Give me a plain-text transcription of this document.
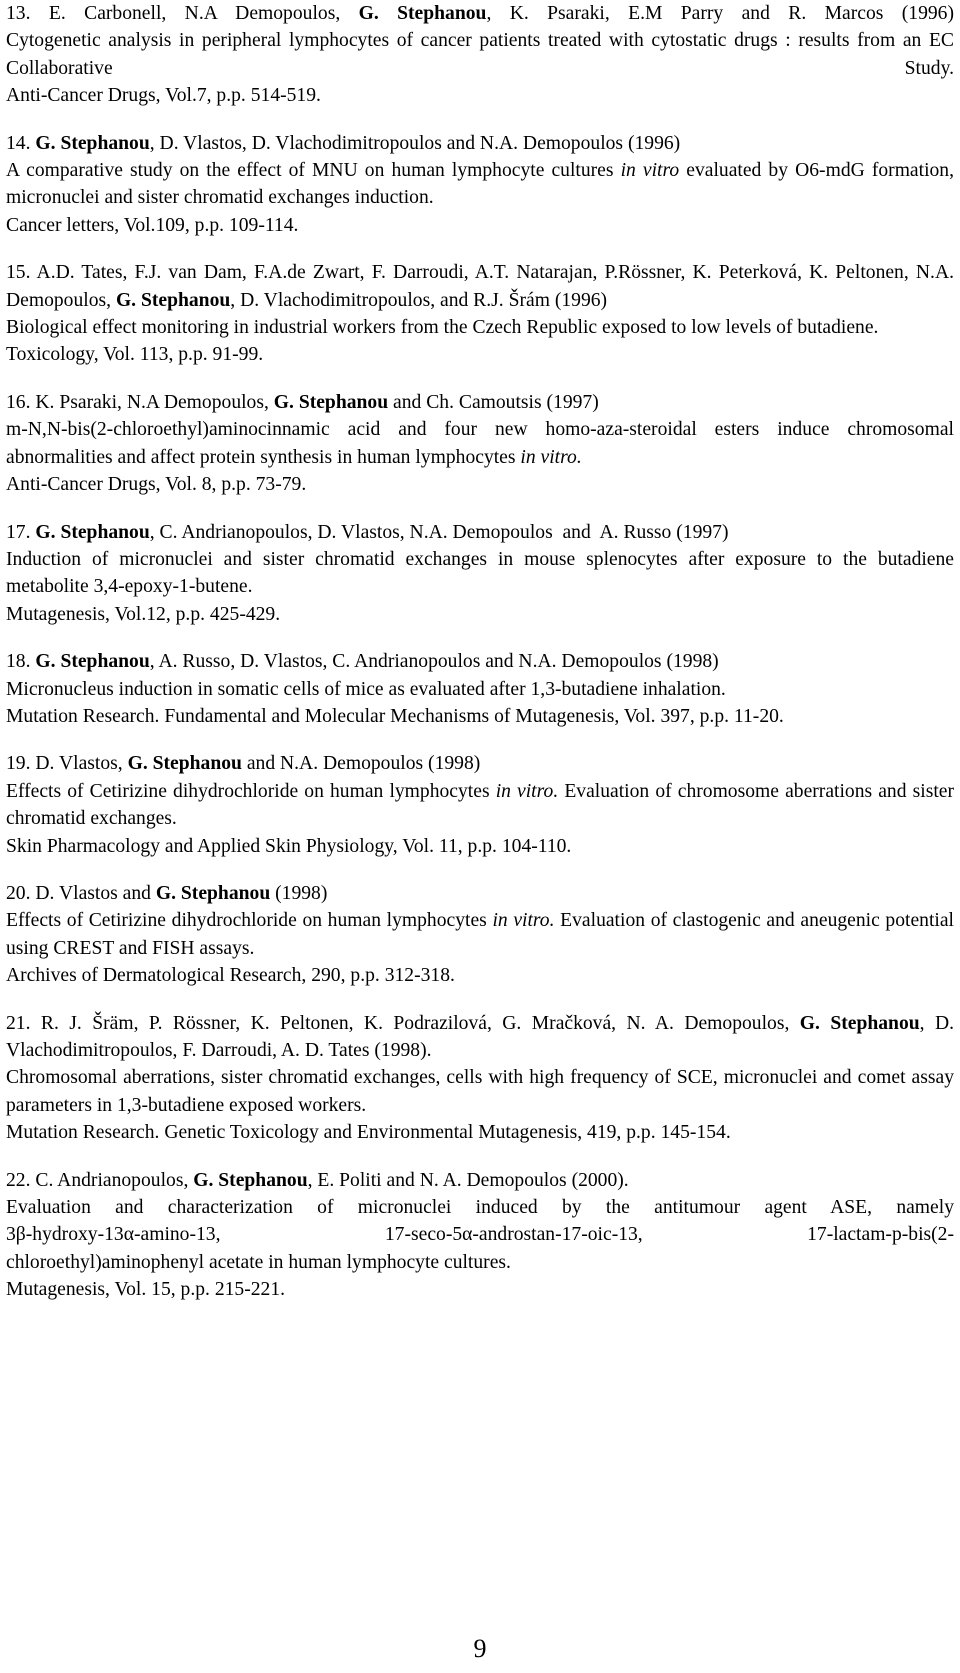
13. E. Carbonell, N.A Demopoulos, G. Stephanou, K. Psaraki, E.M Parry and R. Marcos (1996)

Cytogenetic analysis in peripheral lymphocytes of cancer patients treated with cytostatic drugs : results from an EC Collaborative Study.

Anti-Cancer Drugs, Vol.7, p.p. 514-519.

14. G. Stephanou, D. Vlastos, D. Vlachodimitropoulos and N.A. Demopoulos (1996)

A comparative study on the effect of MNU on human lymphocyte cultures in vitro evaluated by O6-mdG formation, micronuclei and sister chromatid exchanges induction.

Cancer letters, Vol.109, p.p. 109-114.

15. A.D. Tates, F.J. van Dam, F.A.de Zwart, F. Darroudi, A.T. Natarajan, P.Rössner, K. Peterková, K. Peltonen, N.A. Demopoulos, G. Stephanou, D. Vlachodimitropoulos, and R.J. Šrám (1996)

Biological effect monitoring in industrial workers from the Czech Republic exposed to low levels of butadiene.

Toxicology, Vol. 113, p.p. 91-99.

16. K. Psaraki, N.A Demopoulos, G. Stephanou and Ch. Camoutsis (1997)

m-N,N-bis(2-chloroethyl)aminocinnamic acid and four new homo-aza-steroidal esters induce chromosomal abnormalities and affect protein synthesis in human lymphocytes in vitro.

Anti-Cancer Drugs, Vol. 8, p.p. 73-79.

17. G. Stephanou, C. Andrianopoulos, D. Vlastos, N.A. Demopoulos  and  A. Russo (1997)

Induction of micronuclei and sister chromatid exchanges in mouse splenocytes after exposure to the butadiene metabolite 3,4-epoxy-1-butene.

Mutagenesis, Vol.12, p.p. 425-429.

18. G. Stephanou, A. Russo, D. Vlastos, C. Andrianopoulos and N.A. Demopoulos (1998)

Micronucleus induction in somatic cells of mice as evaluated after 1,3-butadiene inhalation.

Mutation Research. Fundamental and Molecular Mechanisms of Mutagenesis, Vol. 397, p.p. 11-20.

19. D. Vlastos, G. Stephanou and N.A. Demopoulos (1998)

Effects of Cetirizine dihydrochloride on human lymphocytes in vitro. Evaluation of chromosome aberrations and sister chromatid exchanges.

Skin Pharmacology and Applied Skin Physiology, Vol. 11, p.p. 104-110.

20. D. Vlastos and G. Stephanou (1998)

Effects of Cetirizine dihydrochloride on human lymphocytes in vitro. Evaluation of clastogenic and aneugenic potential using CREST and FISH assays.

Archives of Dermatological Research, 290, p.p. 312-318.

21. R. J. Šräm, P. Rössner, K. Peltonen, K. Podrazilová, G. Mračková, N. A. Demopoulos, G. Stephanou, D. Vlachodimitropoulos, F. Darroudi, A. D. Tates (1998).

Chromosomal aberrations, sister chromatid exchanges, cells with high frequency of SCE, micronuclei and comet assay parameters in 1,3-butadiene exposed workers.

Mutation Research. Genetic Toxicology and Environmental Mutagenesis, 419, p.p. 145-154.

22. C. Andrianopoulos, G. Stephanou, E. Politi and N. A. Demopoulos (2000).

Evaluation and characterization of micronuclei induced by the antitumour agent ASE, namely

3β-hydroxy-13α-amino-13,          17-seco-5α-androstan-17-oic-13,          17-lactam-p-bis(2-

chloroethyl)aminophenyl acetate in human lymphocyte cultures.

Mutagenesis, Vol. 15, p.p. 215-221.

9
